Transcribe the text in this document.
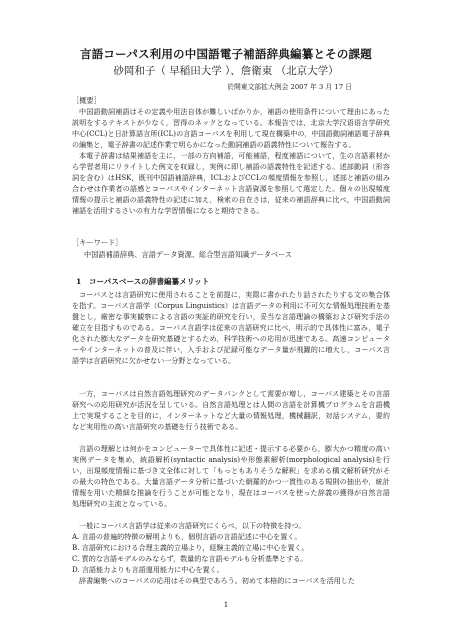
言語コーパス利用の中国語電子補語辞典編纂とその課題
砂岡和子（ 早稲田大学 ）、詹衛東 （北京大学）
於開東文部拡大例会 2007 年 3 月 17 日
［概要］

中国語動詞補語はその定義や用法自体が難しいばかりか，補語の使用条件について理由にあった説明をするテキストが少なく，習得のネックとなっている。本報告では，北京大学汉语语言学研究中心(CCL)と日計算語言所(ICL)の言語コーパスを利用して現在構築中の，中国語動詞補語電子辞典の編集と，電子辞書の記述作業で明らかになった動詞補語の語義特性について報告する。

本電子辞書は結果補語を主に，一部の方向補語，可能補語，程度補語について，生の言語素材から学習者用にリライトした例文を収録し，実例に即し補語の語義特性を記述する。述部動詞（形容詞を含む）はHSK，既刊中国語補語辞典，ICLおよびCCLの頻度情報を参照し，述部と補語の組み合わせは作業者の語感とコーパスやインターネット言語資源を参照して選定した。個々の出現頻度情報の提示と補語の語義特性の記述に加え，検索の自在さは，従来の補語辞典に比べ，中国語動詞補語を活用するさいの有力な学習情報になると期待できる。

［キーワード］
中国語補語辞典、言語データ資源、総合型言語知識データベース
1　コーパスベースの辞書編纂メリット

コーパスとは言語研究に使用されることを前提に，実際に書かれたり話されたりする文の集合体を指す。コーパス言語学（Corpus Linguistics）は言語データの利用に不可欠な情報処理技術を基盤とし，厳密な事実観察による言語の実証的研究を行い，妥当な言語理論の構築および研究手法の確立を目指すものである。コーパス言語学は従来の言語研究に比べ，明示的で具体性に富み，電子化された膨大なデータを研究基礎とするため，科学技術への応用が迅速である。高速コンピューターやインターネットの普及に伴い，入手および記録可能なデータ量が飛躍的に増大し，コーパス言語学は言語研究に欠かせない一分野となっている。

一方，コーパスは自然言語処理研究のデータバンクとして需要が増し，コーパス建築とその言語研究への応用研究が活況を呈している。自然言語処理とは人間の言語を計算機プログラムを言語機上で実現することを目的に，インターネットなど大量の情報処理，機械翻訳，対話システム，要約など実用性の高い言語研究の基礎を行う技術である。

言語の理解とは何かをコンピューターで具体性に記述・提示する必要から，膨大かつ精度の高い実例データを集め，統語解析(syntactic analysis)や形態素解析(morphological analysis)を行い，出現頻度情報に基づき文全体に対して「もっともありそうな解釈」を求める構文解析研究がその最大の特色である。大量言語データ分析に基づいた網羅的かつ一貫性のある規則の抽出や，統計情報を用いた精細な推論を行うことが可能となり，現在はコーパスを使った辞義の獲得が自然言語処理研究の主流となっている。

一般にコーパス言語学は従来の言語研究にくらべ，以下の特徴を持つ。

A. 言語の普遍的特徴の解明よりも，個別言語の言語記述に中心を置く。
B. 言語研究における合理主義的立場より，経験主義的立場に中心を置く。
C. 質的な言語モデルのみならず，数量的な言語モデルも分析基準とする。
D. 言語能力よりも言語運用能力に中心を置く。

辞書編集へのコーパスの応用はその典型であろう。初めて本格的にコーパスを活用した

1
